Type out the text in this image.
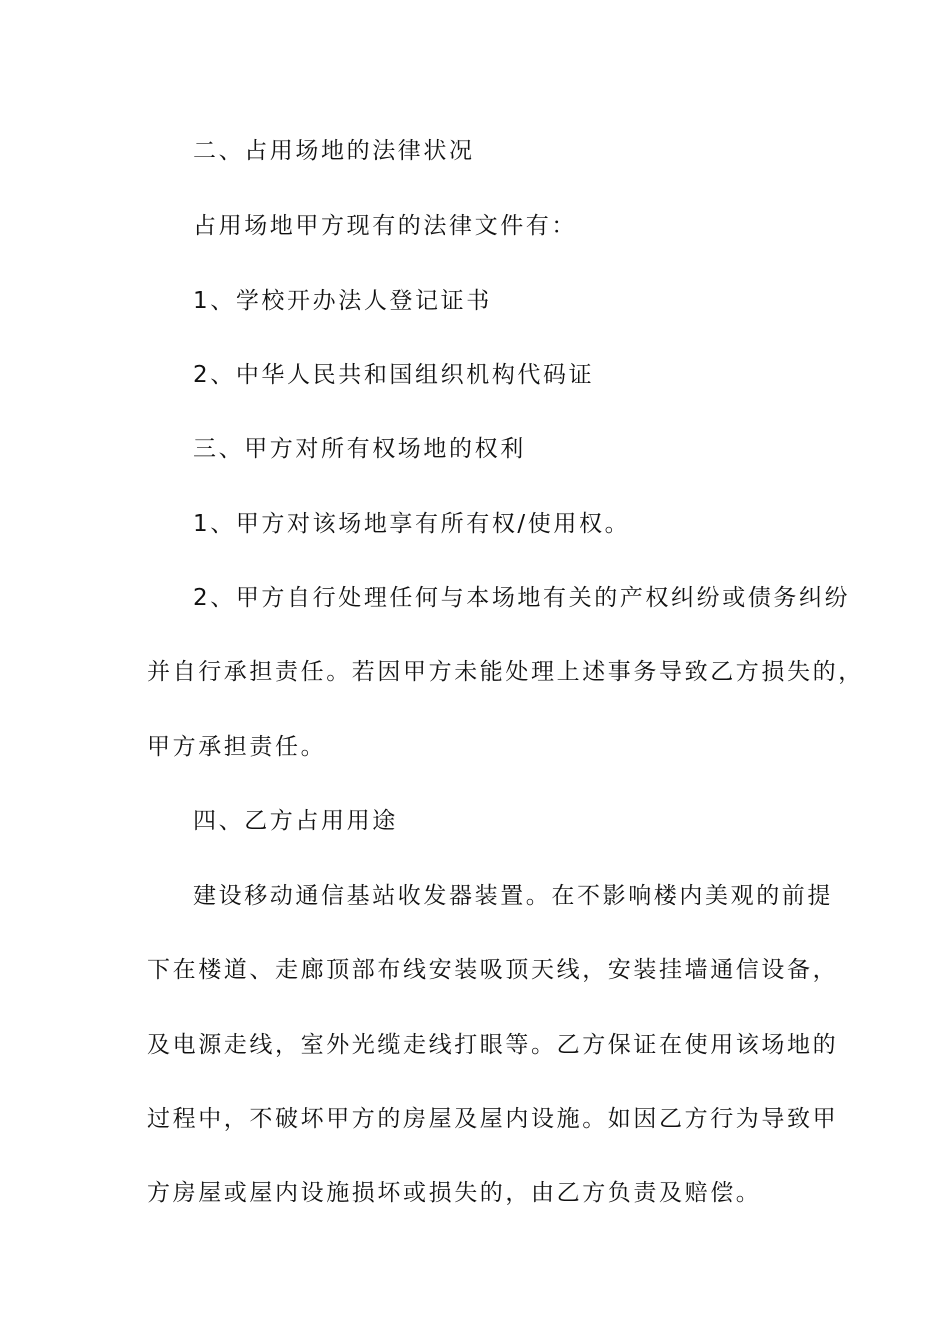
二、占用场地的法律状况

占用场地甲方现有的法律文件有：

1、学校开办法人登记证书

2、中华人民共和国组织机构代码证

三、甲方对所有权场地的权利

1、甲方对该场地享有所有权/使用权。

2、甲方自行处理任何与本场地有关的产权纠纷或债务纠纷

并自行承担责任。若因甲方未能处理上述事务导致乙方损失的，

甲方承担责任。

四、乙方占用用途

建设移动通信基站收发器装置。在不影响楼内美观的前提

下在楼道、走廊顶部布线安装吸顶天线，安装挂墙通信设备，

及电源走线，室外光缆走线打眼等。乙方保证在使用该场地的

过程中，不破坏甲方的房屋及屋内设施。如因乙方行为导致甲

方房屋或屋内设施损坏或损失的，由乙方负责及赔偿。
